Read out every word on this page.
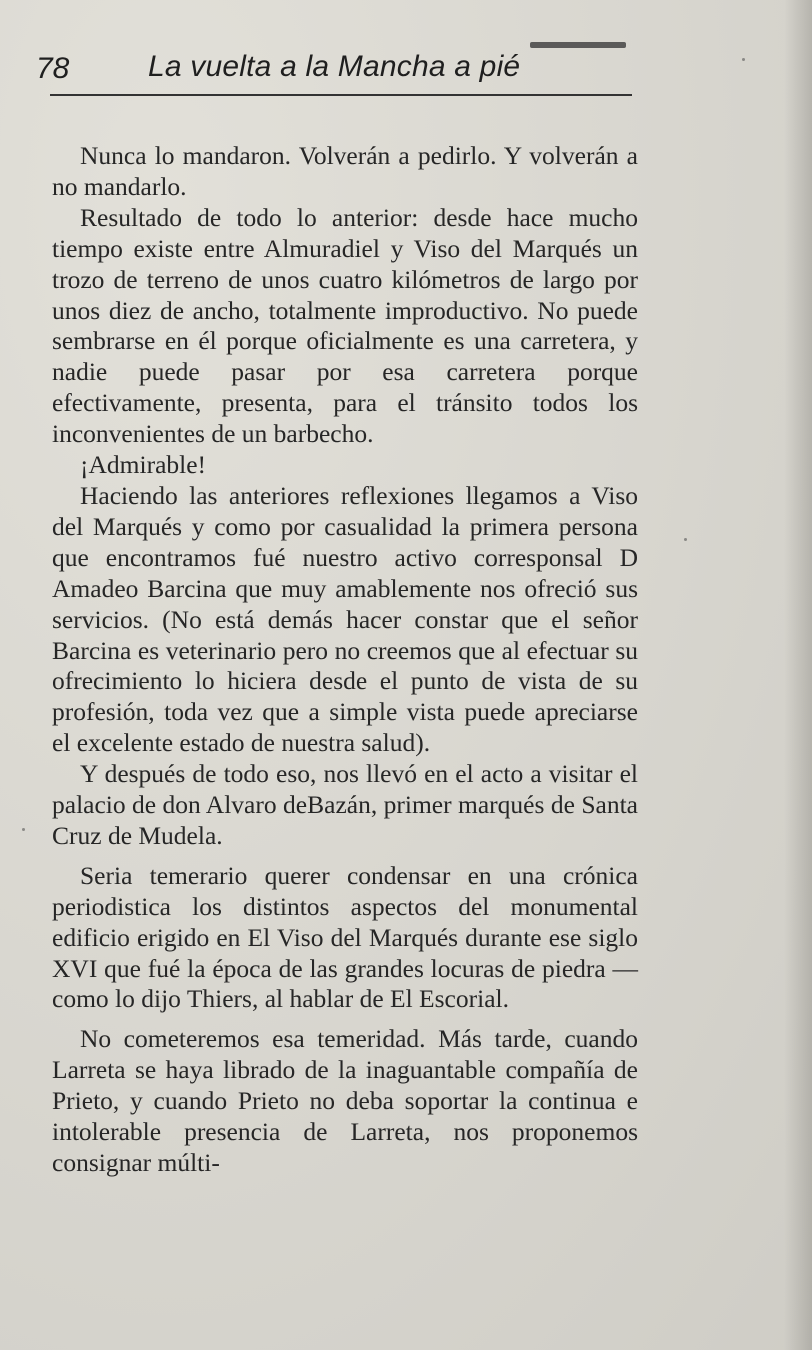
78	La vuelta a la Mancha a pié

Nunca lo mandaron. Volverán a pedirlo. Y volverán a no mandarlo.

Resultado de todo lo anterior: desde hace mucho tiempo existe entre Almuradiel y Viso del Marqués un trozo de terreno de unos cuatro kilómetros de largo por unos diez de ancho, totalmente improductivo. No puede sembrarse en él porque oficialmente es una carretera, y nadie puede pasar por esa carretera porque efectivamente, presenta, para el tránsito todos los inconvenientes de un barbecho.

¡Admirable!

Haciendo las anteriores reflexiones llegamos a Viso del Marqués y como por casualidad la primera persona que encontramos fué nuestro activo corresponsal D Amadeo Barcina que muy amablemente nos ofreció sus servicios. (No está demás hacer constar que el señor Barcina es veterinario pero no creemos que al efectuar su ofrecimiento lo hiciera desde el punto de vista de su profesión, toda vez que a simple vista puede apreciarse el excelente estado de nuestra salud).

Y después de todo eso, nos llevó en el acto a visitar el palacio de don Alvaro deBazán, primer marqués de Santa Cruz de Mudela.

Seria temerario querer condensar en una crónica periodistica los distintos aspectos del monumental edificio erigido en El Viso del Marqués durante ese siglo XVI que fué la época de las grandes locuras de piedra —como lo dijo Thiers, al hablar de El Escorial.

No cometeremos esa temeridad. Más tarde, cuando Larreta se haya librado de la inaguantable compañía de Prieto, y cuando Prieto no deba soportar la continua e intolerable presencia de Larreta, nos proponemos consignar múlti-
